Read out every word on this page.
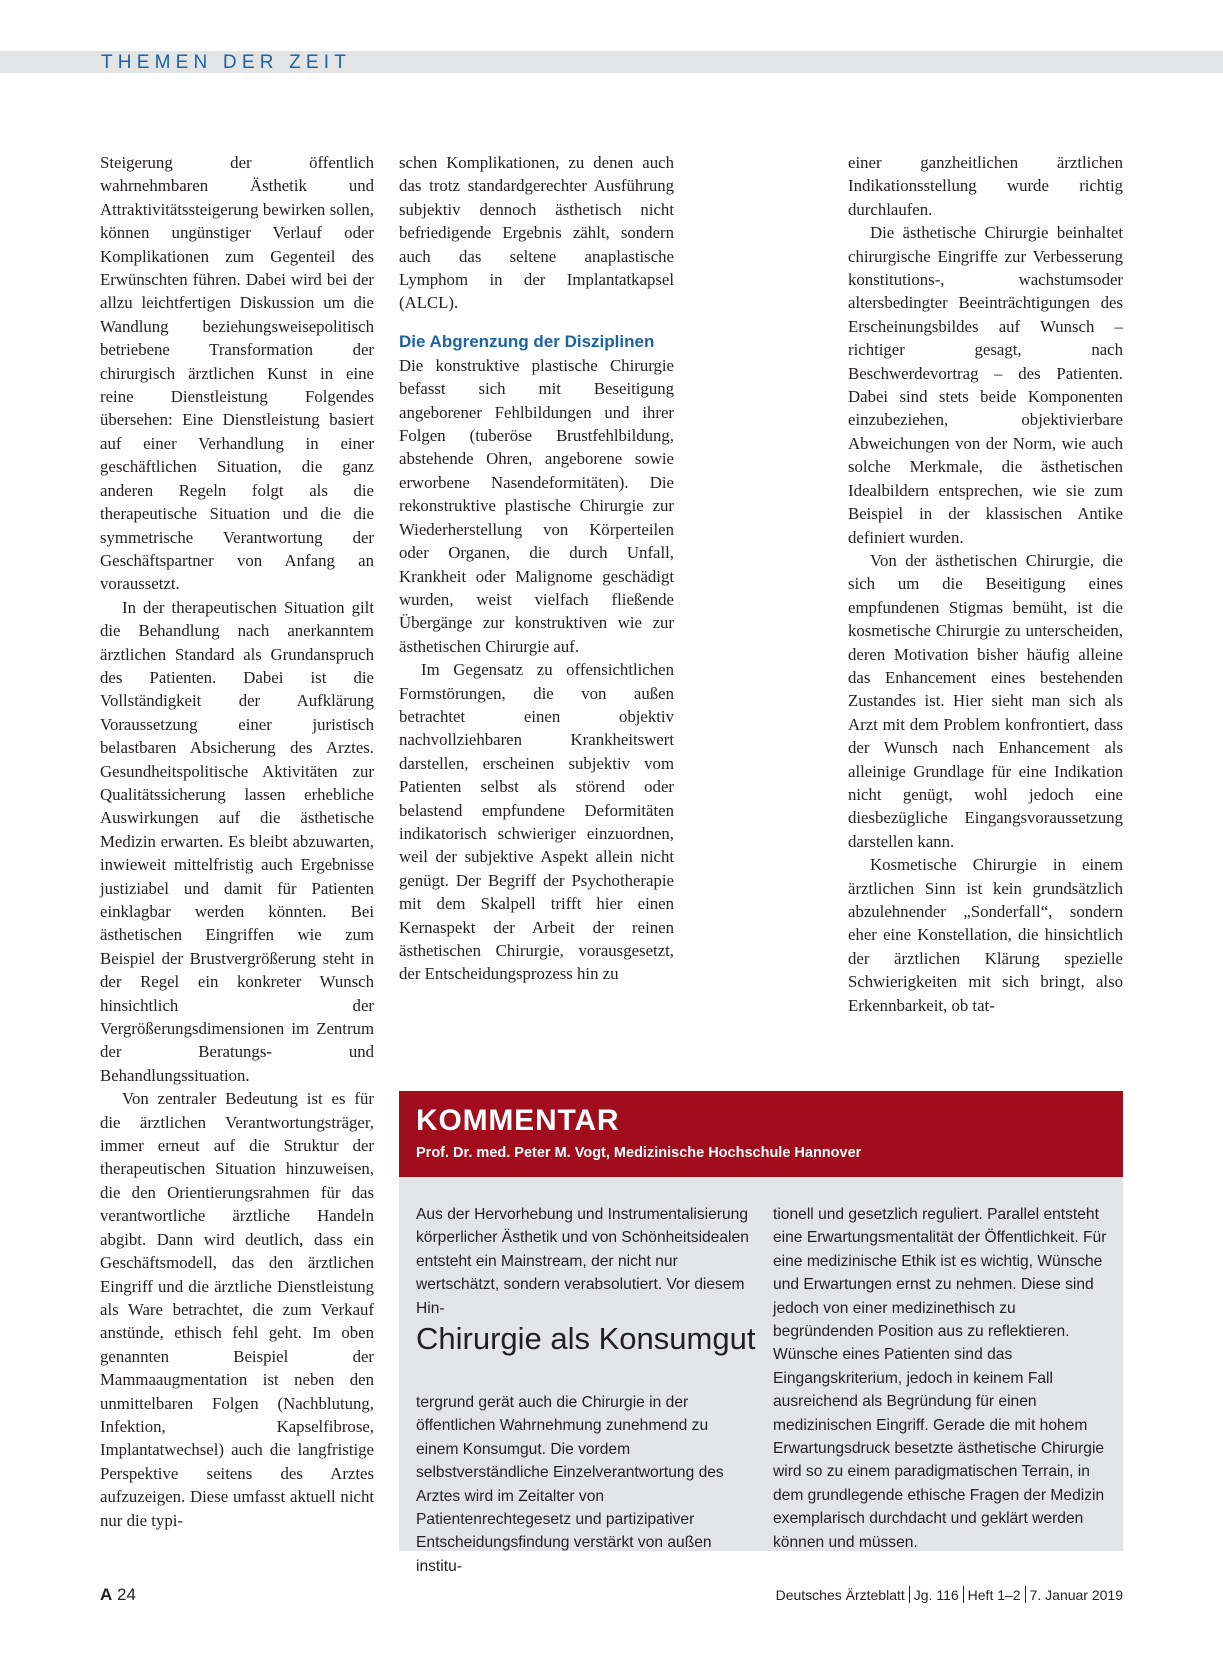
THEMEN DER ZEIT

Steigerung der öffentlich wahrnehmbaren Ästhetik und Attraktivitätssteigerung bewirken sollen, können ungünstiger Verlauf oder Komplikationen zum Gegenteil des Erwünschten führen. Dabei wird bei der allzu leichtfertigen Diskussion um die Wandlung beziehungsweisepolitisch betriebene Transformation der chirurgisch ärztlichen Kunst in eine reine Dienstleistung Folgendes übersehen: Eine Dienstleistung basiert auf einer Verhandlung in einer geschäftlichen Situation, die ganz anderen Regeln folgt als die therapeutische Situation und die die symmetrische Verantwortung der Geschäftspartner von Anfang an voraussetzt.

In der therapeutischen Situation gilt die Behandlung nach anerkanntem ärztlichen Standard als Grundanspruch des Patienten. Dabei ist die Vollständigkeit der Aufklärung Voraussetzung einer juristisch belastbaren Absicherung des Arztes. Gesundheitspolitische Aktivitäten zur Qualitätssicherung lassen erhebliche Auswirkungen auf die ästhetische Medizin erwarten. Es bleibt abzuwarten, inwieweit mittelfristig auch Ergebnisse justiziabel und damit für Patienten einklagbar werden könnten. Bei ästhetischen Eingriffen wie zum Beispiel der Brustvergrößerung steht in der Regel ein konkreter Wunsch hinsichtlich der Vergrößerungsdimensionen im Zentrum der Beratungs- und Behandlungssituation.

Von zentraler Bedeutung ist es für die ärztlichen Verantwortungsträger, immer erneut auf die Struktur der therapeutischen Situation hinzuweisen, die den Orientierungsrahmen für das verantwortliche ärztliche Handeln abgibt. Dann wird deutlich, dass ein Geschäftsmodell, das den ärztlichen Eingriff und die ärztliche Dienstleistung als Ware betrachtet, die zum Verkauf anstünde, ethisch fehl geht. Im oben genannten Beispiel der Mammaaugmentation ist neben den unmittelbaren Folgen (Nachblutung, Infektion, Kapselfibrose, Implantatwechsel) auch die langfristige Perspektive seitens des Arztes aufzuzeigen. Diese umfasst aktuell nicht nur die typi-

schen Komplikationen, zu denen auch das trotz standardgerechter Ausführung subjektiv dennoch ästhetisch nicht befriedigende Ergebnis zählt, sondern auch das seltene anaplastische Lymphom in der Implantatkapsel (ALCL).

Die Abgrenzung der Disziplinen

Die konstruktive plastische Chirurgie befasst sich mit Beseitigung angeborener Fehlbildungen und ihrer Folgen (tuberöse Brustfehlbildung, abstehende Ohren, angeborene sowie erworbene Nasendeformitäten). Die rekonstruktive plastische Chirurgie zur Wiederherstellung von Körperteilen oder Organen, die durch Unfall, Krankheit oder Malignome geschädigt wurden, weist vielfach fließende Übergänge zur konstruktiven wie zur ästhetischen Chirurgie auf.

Im Gegensatz zu offensichtlichen Formstörungen, die von außen betrachtet einen objektiv nachvollziehbaren Krankheitswert darstellen, erscheinen subjektiv vom Patienten selbst als störend oder belastend empfundene Deformitäten indikatorisch schwieriger einzuordnen, weil der subjektive Aspekt allein nicht genügt. Der Begriff der Psychotherapie mit dem Skalpell trifft hier einen Kernaspekt der Arbeit der reinen ästhetischen Chirurgie, vorausgesetzt, der Entscheidungsprozess hin zu

einer ganzheitlichen ärztlichen Indikationsstellung wurde richtig durchlaufen.

Die ästhetische Chirurgie beinhaltet chirurgische Eingriffe zur Verbesserung konstitutions-, wachstumsoder altersbedingter Beeinträchtigungen des Erscheinungsbildes auf Wunsch – richtiger gesagt, nach Beschwerdevortrag – des Patienten. Dabei sind stets beide Komponenten einzubeziehen, objektivierbare Abweichungen von der Norm, wie auch solche Merkmale, die ästhetischen Idealbildern entsprechen, wie sie zum Beispiel in der klassischen Antike definiert wurden.

Von der ästhetischen Chirurgie, die sich um die Beseitigung eines empfundenen Stigmas bemüht, ist die kosmetische Chirurgie zu unterscheiden, deren Motivation bisher häufig alleine das Enhancement eines bestehenden Zustandes ist. Hier sieht man sich als Arzt mit dem Problem konfrontiert, dass der Wunsch nach Enhancement als alleinige Grundlage für eine Indikation nicht genügt, wohl jedoch eine diesbezügliche Eingangsvoraussetzung darstellen kann.

Kosmetische Chirurgie in einem ärztlichen Sinn ist kein grundsätzlich abzulehnender „Sonderfall“, sondern eher eine Konstellation, die hinsichtlich der ärztlichen Klärung spezielle Schwierigkeiten mit sich bringt, also Erkennbarkeit, ob tat-

KOMMENTAR
Prof. Dr. med. Peter M. Vogt, Medizinische Hochschule Hannover

Aus der Hervorhebung und Instrumentalisierung körperlicher Ästhetik und von Schönheitsidealen entsteht ein Mainstream, der nicht nur wertschätzt, sondern verabsolutiert. Vor diesem Hin-

Chirurgie als Konsumgut

tergrund gerät auch die Chirurgie in der öffentlichen Wahrnehmung zunehmend zu einem Konsumgut. Die vordem selbstverständliche Einzelverantwortung des Arztes wird im Zeitalter von Patientenrechtegesetz und partizipativer Entscheidungsfindung verstärkt von außen institu-

tionell und gesetzlich reguliert. Parallel entsteht eine Erwartungsmentalität der Öffentlichkeit. Für eine medizinische Ethik ist es wichtig, Wünsche und Erwartungen ernst zu nehmen. Diese sind jedoch von einer medizinethisch zu begründenden Position aus zu reflektieren. Wünsche eines Patienten sind das Eingangskriterium, jedoch in keinem Fall ausreichend als Begründung für einen medizinischen Eingriff. Gerade die mit hohem Erwartungsdruck besetzte ästhetische Chirurgie wird so zu einem paradigmatischen Terrain, in dem grundlegende ethische Fragen der Medizin exemplarisch durchdacht und geklärt werden können und müssen.

A 24	Deutsches Ärzteblatt Jg. 116 Heft 1–2 7. Januar 2019
